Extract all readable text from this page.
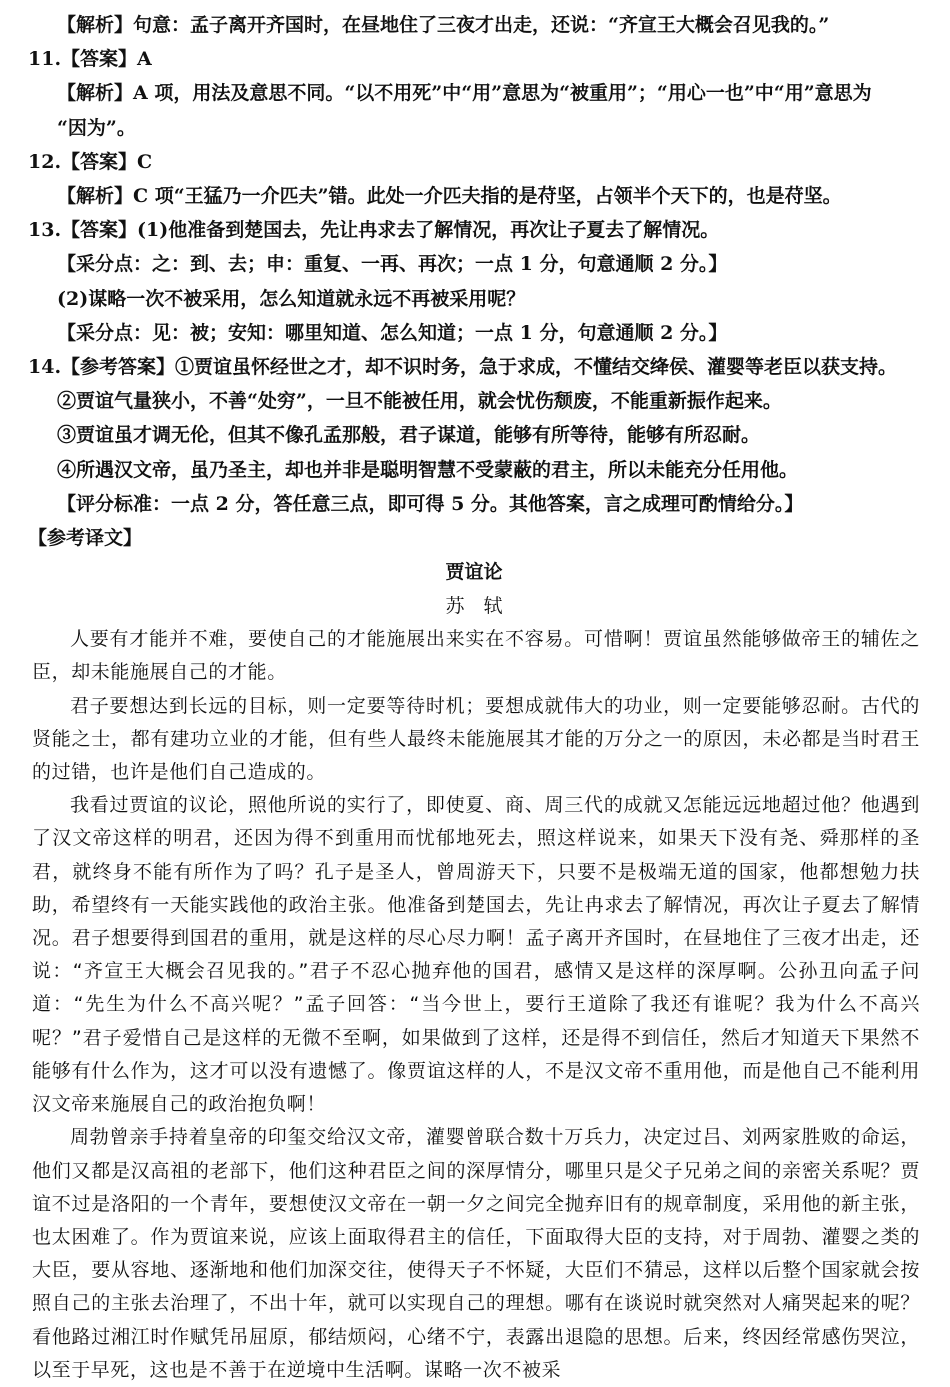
【解析】句意：孟子离开齐国时，在昼地住了三夜才出走，还说：“齐宣王大概会召见我的。”
11.【答案】A
【解析】A 项，用法及意思不同。“以不用死”中“用”意思为“被重用”；“用心一也”中“用”意思为
“因为”。
12.【答案】C
【解析】C 项“王猛乃一介匹夫”错。此处一介匹夫指的是苻坚，占领半个天下的，也是苻坚。
13.【答案】(1)他准备到楚国去，先让冉求去了解情况，再次让子夏去了解情况。
【采分点：之：到、去；申：重复、一再、再次；一点 1 分，句意通顺 2 分。】
(2)谋略一次不被采用，怎么知道就永远不再被采用呢？
【采分点：见：被；安知：哪里知道、怎么知道；一点 1 分，句意通顺 2 分。】
14.【参考答案】①贾谊虽怀经世之才，却不识时务，急于求成，不懂结交绛侯、灌婴等老臣以获支持。
②贾谊气量狭小，不善“处穷”，一旦不能被任用，就会忧伤颓废，不能重新振作起来。
③贾谊虽才调无伦，但其不像孔孟那般，君子谋道，能够有所等待，能够有所忍耐。
④所遇汉文帝，虽乃圣主，却也并非是聪明智慧不受蒙蔽的君主，所以未能充分任用他。
【评分标准：一点 2 分，答任意三点，即可得 5 分。其他答案，言之成理可酌情给分。】
【参考译文】
贾谊论
苏　轼

人要有才能并不难，要使自己的才能施展出来实在不容易。可惜啊！贾谊虽然能够做帝王的辅佐之臣，却未能施展自己的才能。

君子要想达到长远的目标，则一定要等待时机；要想成就伟大的功业，则一定要能够忍耐。古代的贤能之士，都有建功立业的才能，但有些人最终未能施展其才能的万分之一的原因，未必都是当时君王的过错，也许是他们自己造成的。

我看过贾谊的议论，照他所说的实行了，即使夏、商、周三代的成就又怎能远远地超过他？他遇到了汉文帝这样的明君，还因为得不到重用而忧郁地死去，照这样说来，如果天下没有尧、舜那样的圣君，就终身不能有所作为了吗？孔子是圣人，曾周游天下，只要不是极端无道的国家，他都想勉力扶助，希望终有一天能实践他的政治主张。他准备到楚国去，先让冉求去了解情况，再次让子夏去了解情况。君子想要得到国君的重用，就是这样的尽心尽力啊！孟子离开齐国时，在昼地住了三夜才出走，还说：“齐宣王大概会召见我的。”君子不忍心抛弃他的国君，感情又是这样的深厚啊。公孙丑向孟子问道：“先生为什么不高兴呢？”孟子回答：“当今世上，要行王道除了我还有谁呢？我为什么不高兴呢？”君子爱惜自己是这样的无微不至啊，如果做到了这样，还是得不到信任，然后才知道天下果然不能够有什么作为，这才可以没有遗憾了。像贾谊这样的人，不是汉文帝不重用他，而是他自己不能利用汉文帝来施展自己的政治抱负啊！

周勃曾亲手持着皇帝的印玺交给汉文帝，灌婴曾联合数十万兵力，决定过吕、刘两家胜败的命运，他们又都是汉高祖的老部下，他们这种君臣之间的深厚情分，哪里只是父子兄弟之间的亲密关系呢？贾谊不过是洛阳的一个青年，要想使汉文帝在一朝一夕之间完全抛弃旧有的规章制度，采用他的新主张，也太困难了。作为贾谊来说，应该上面取得君主的信任，下面取得大臣的支持，对于周勃、灌婴之类的大臣，要从容地、逐渐地和他们加深交往，使得天子不怀疑，大臣们不猜忌，这样以后整个国家就会按照自己的主张去治理了，不出十年，就可以实现自己的理想。哪有在谈说时就突然对人痛哭起来的呢？看他路过湘江时作赋凭吊屈原，郁结烦闷，心绪不宁，表露出退隐的思想。后来，终因经常感伤哭泣，以至于早死，这也是不善于在逆境中生活啊。谋略一次不被采
